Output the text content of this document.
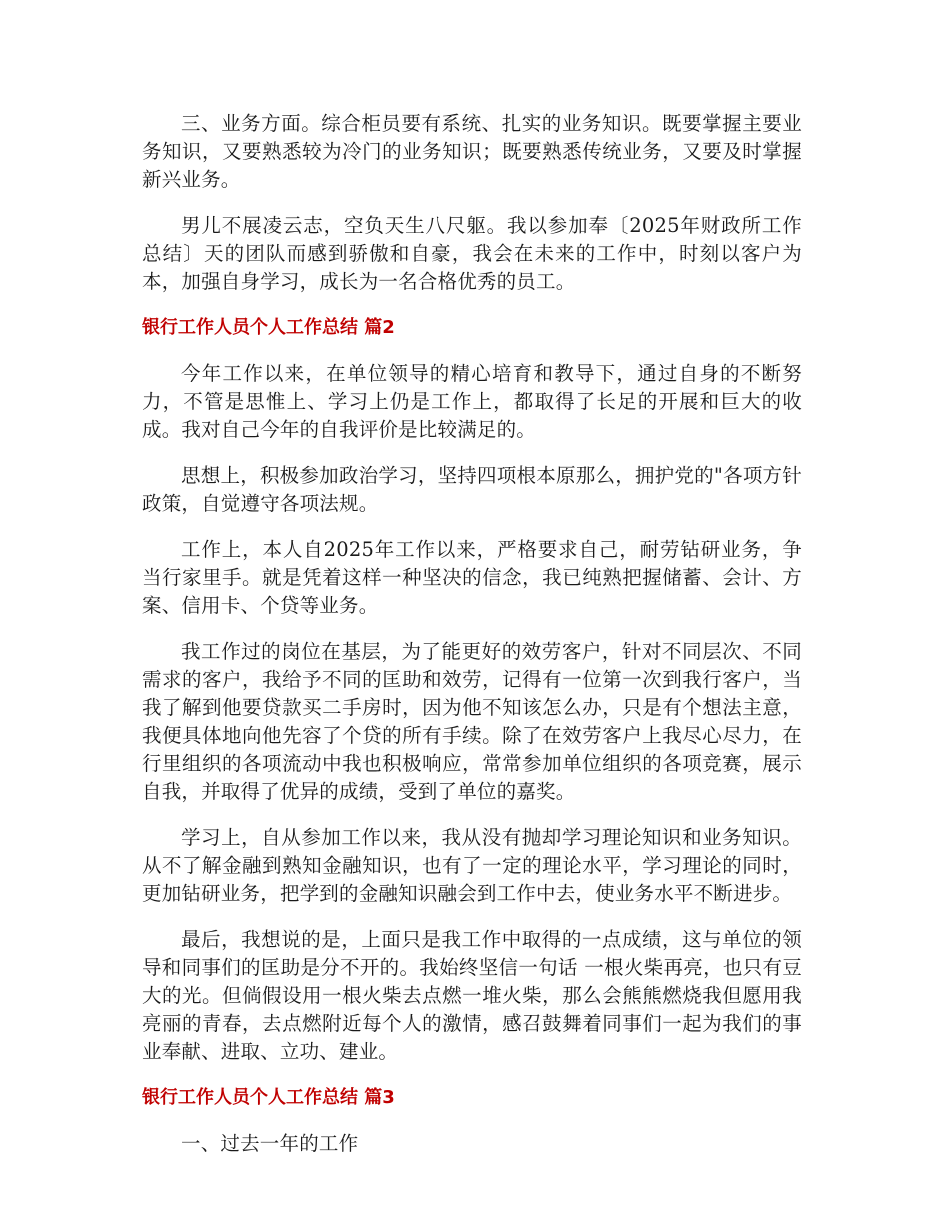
三、业务方面。综合柜员要有系统、扎实的业务知识。既要掌握主要业务知识，又要熟悉较为冷门的业务知识；既要熟悉传统业务，又要及时掌握新兴业务。

男儿不展凌云志，空负天生八尺躯。我以参加奉〔2025年财政所工作总结〕天的团队而感到骄傲和自豪，我会在未来的工作中，时刻以客户为本，加强自身学习，成长为一名合格优秀的员工。

银行工作人员个人工作总结 篇2

今年工作以来，在单位领导的精心培育和教导下，通过自身的不断努力，不管是思惟上、学习上仍是工作上，都取得了长足的开展和巨大的收成。我对自己今年的自我评价是比较满足的。

思想上，积极参加政治学习，坚持四项根本原那么，拥护党的"各项方针政策，自觉遵守各项法规。

工作上，本人自2025年工作以来，严格要求自己，耐劳钻研业务，争当行家里手。就是凭着这样一种坚决的信念，我已纯熟把握储蓄、会计、方案、信用卡、个贷等业务。

我工作过的岗位在基层，为了能更好的效劳客户，针对不同层次、不同需求的客户，我给予不同的匡助和效劳，记得有一位第一次到我行客户，当我了解到他要贷款买二手房时，因为他不知该怎么办，只是有个想法主意，我便具体地向他先容了个贷的所有手续。除了在效劳客户上我尽心尽力，在行里组织的各项流动中我也积极响应，常常参加单位组织的各项竞赛，展示自我，并取得了优异的成绩，受到了单位的嘉奖。

学习上，自从参加工作以来，我从没有抛却学习理论知识和业务知识。从不了解金融到熟知金融知识，也有了一定的理论水平，学习理论的同时，更加钻研业务，把学到的金融知识融会到工作中去，使业务水平不断进步。

最后，我想说的是，上面只是我工作中取得的一点成绩，这与单位的领导和同事们的匡助是分不开的。我始终坚信一句话 一根火柴再亮，也只有豆大的光。但倘假设用一根火柴去点燃一堆火柴，那么会熊熊燃烧我但愿用我亮丽的青春，去点燃附近每个人的激情，感召鼓舞着同事们一起为我们的事业奉献、进取、立功、建业。

银行工作人员个人工作总结 篇3

一、过去一年的工作
